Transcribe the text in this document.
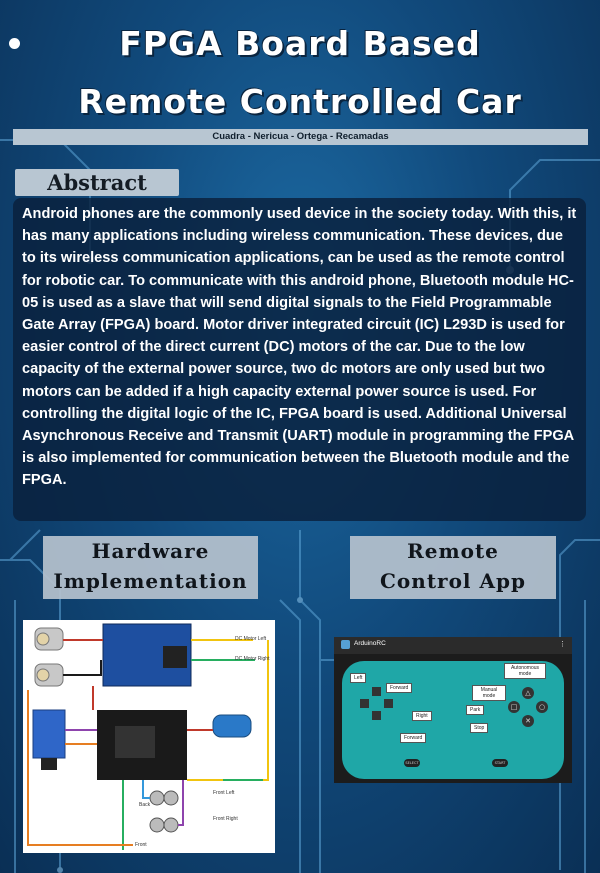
FPGA Board Based
Remote Controlled Car
Cuadra - Nericua - Ortega - Recamadas
Abstract
Android phones are the commonly used device in the society today. With this, it has many applications including wireless communication. These devices, due to its wireless communication applications, can be used as the remote control for robotic car. To communicate with this android phone, Bluetooth module HC-05 is used as a slave that will send digital signals to the Field Programmable Gate Array (FPGA) board. Motor driver integrated circuit (IC) L293D is used for easier control of the direct current (DC) motors of the car. Due to the low capacity of the external power source, two dc motors are only used but two motors can be added if a high capacity external power source is used. For controlling the digital logic of the IC, FPGA board is used. Additional Universal Asynchronous Receive and Transmit (UART) module in programming the FPGA is also implemented for communication between the Bluetooth module and the FPGA.
Hardware
Implementation
Remote
Control App
DC Motor Left
DC Motor Right
Front Left
Front Right
Back
Front
ArduinoRC	⋮
△
□	○
✕
SELECT	START
Left
Forward
Right
Forward
Autonomous mode
Manual mode
Park
Stop
